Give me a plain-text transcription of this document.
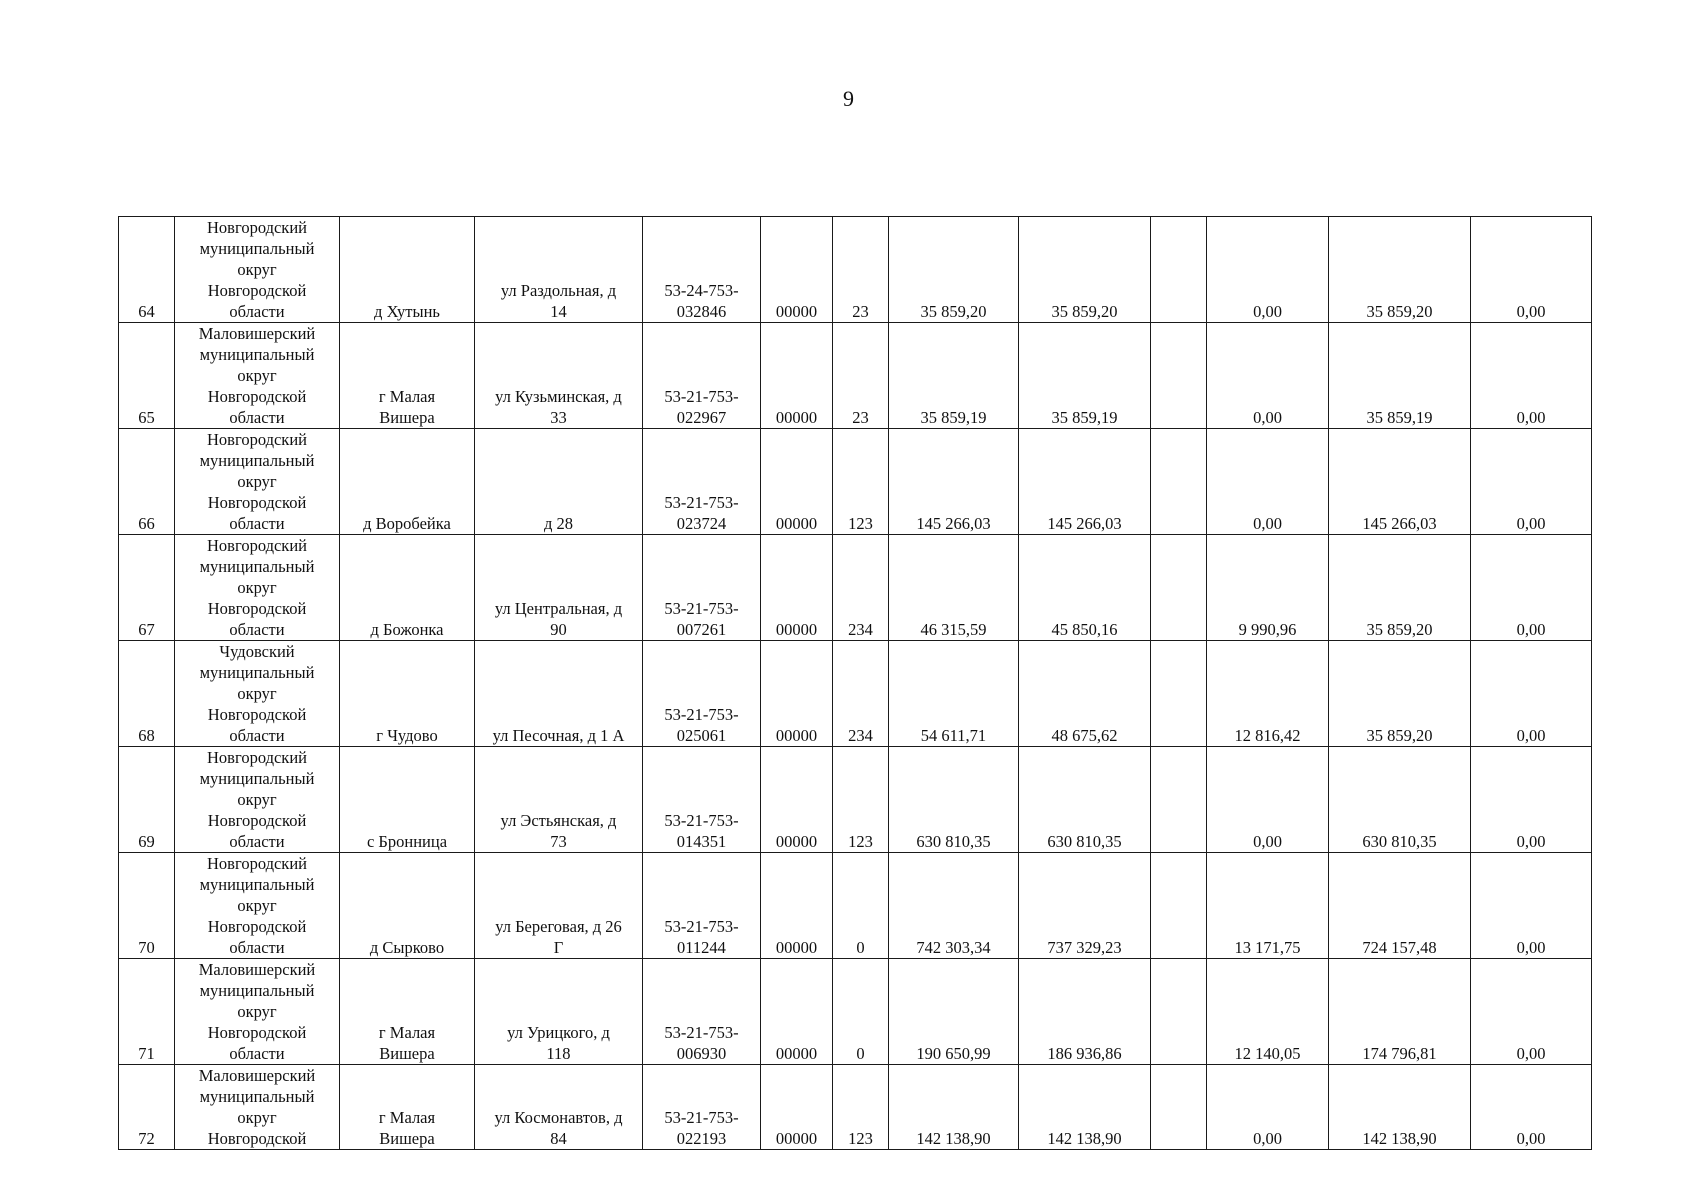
9
64	Новгородский
муниципальный
округ
Новгородской
области	д Хутынь	ул Раздольная, д
14	53-24-753-
032846	00000	23	35 859,20	35 859,20		0,00	35 859,20	0,00
65	Маловишерский
муниципальный
округ
Новгородской
области	г Малая
Вишера	ул Кузьминская, д
33	53-21-753-
022967	00000	23	35 859,19	35 859,19		0,00	35 859,19	0,00
66	Новгородский
муниципальный
округ
Новгородской
области	д Воробейка	д 28	53-21-753-
023724	00000	123	145 266,03	145 266,03		0,00	145 266,03	0,00
67	Новгородский
муниципальный
округ
Новгородской
области	д Божонка	ул Центральная, д
90	53-21-753-
007261	00000	234	46 315,59	45 850,16		9 990,96	35 859,20	0,00
68	Чудовский
муниципальный
округ
Новгородской
области	г Чудово	ул Песочная, д 1 А	53-21-753-
025061	00000	234	54 611,71	48 675,62		12 816,42	35 859,20	0,00
69	Новгородский
муниципальный
округ
Новгородской
области	с Бронница	ул Эстьянская, д
73	53-21-753-
014351	00000	123	630 810,35	630 810,35		0,00	630 810,35	0,00
70	Новгородский
муниципальный
округ
Новгородской
области	д Сырково	ул Береговая, д 26
Г	53-21-753-
011244	00000	0	742 303,34	737 329,23		13 171,75	724 157,48	0,00
71	Маловишерский
муниципальный
округ
Новгородской
области	г Малая
Вишера	ул Урицкого, д
118	53-21-753-
006930	00000	0	190 650,99	186 936,86		12 140,05	174 796,81	0,00
72	Маловишерский
муниципальный
округ
Новгородской	г Малая
Вишера	ул Космонавтов, д
84	53-21-753-
022193	00000	123	142 138,90	142 138,90		0,00	142 138,90	0,00
